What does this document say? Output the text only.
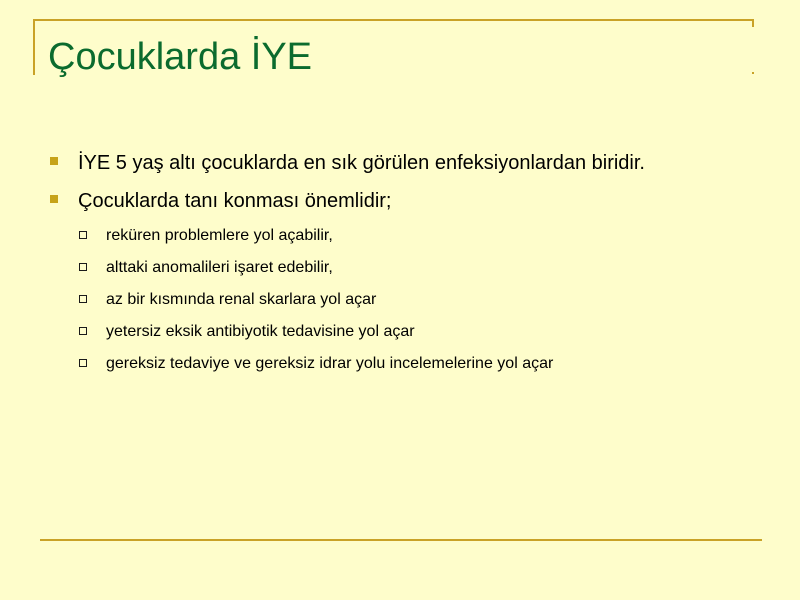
Çocuklarda İYE
İYE 5 yaş altı çocuklarda en sık görülen enfeksiyonlardan biridir.
Çocuklarda tanı konması önemlidir;
reküren problemlere yol açabilir,
alttaki anomalileri işaret edebilir,
az bir kısmında renal skarlara yol açar
yetersiz eksik antibiyotik tedavisine yol açar
gereksiz tedaviye ve gereksiz idrar yolu incelemelerine yol açar
